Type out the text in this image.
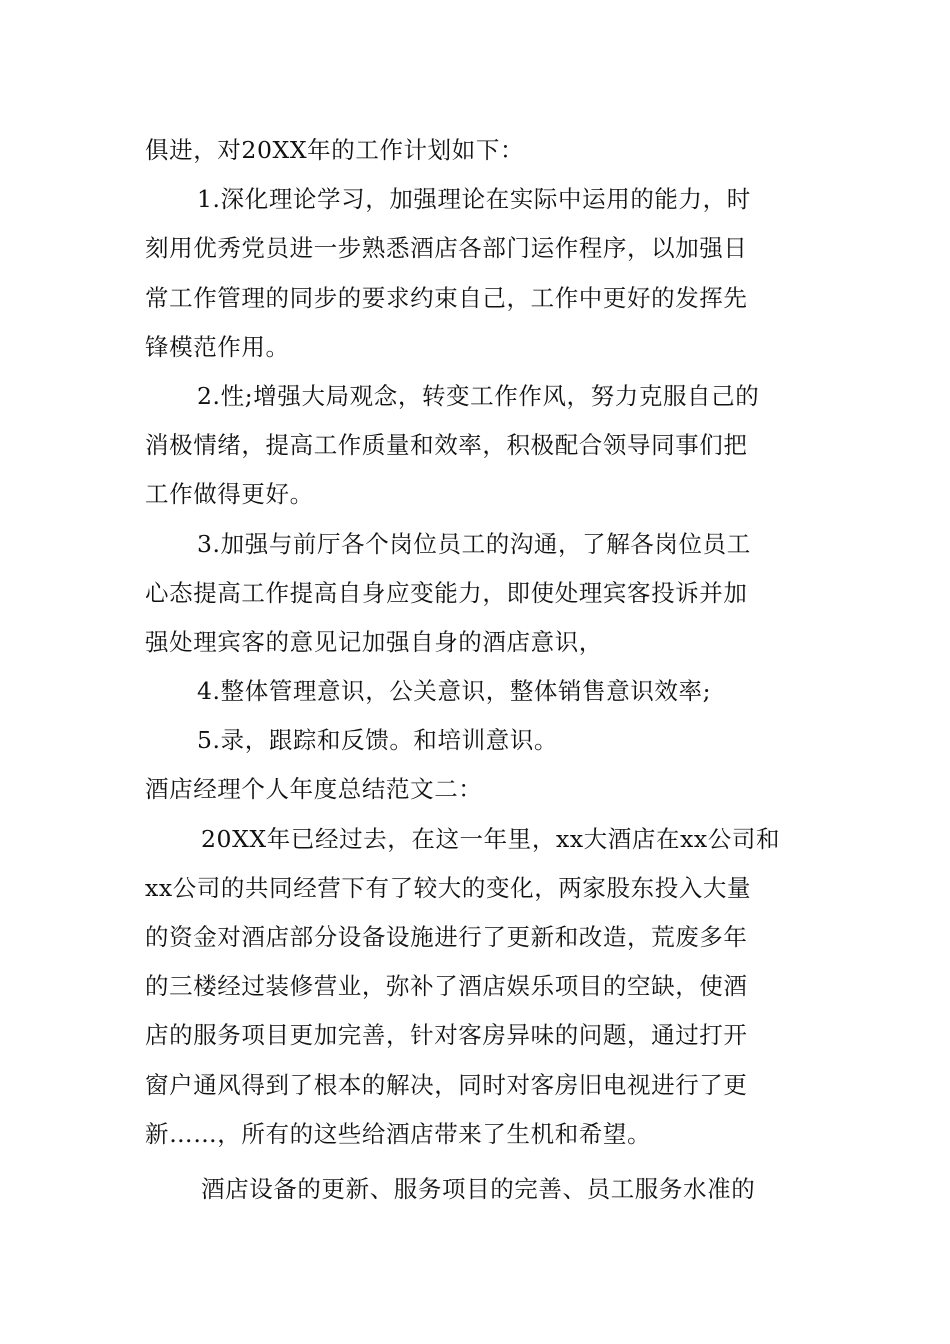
俱进，对20XX年的工作计划如下：
1.深化理论学习，加强理论在实际中运用的能力，时
刻用优秀党员进一步熟悉酒店各部门运作程序，以加强日
常工作管理的同步的要求约束自己，工作中更好的发挥先
锋模范作用。
2.性;增强大局观念，转变工作作风，努力克服自己的
消极情绪，提高工作质量和效率，积极配合领导同事们把
工作做得更好。
3.加强与前厅各个岗位员工的沟通，了解各岗位员工
心态提高工作提高自身应变能力，即使处理宾客投诉并加
强处理宾客的意见记加强自身的酒店意识，
4.整体管理意识，公关意识，整体销售意识效率;
5.录，跟踪和反馈。和培训意识。
酒店经理个人年度总结范文二：
20XX年已经过去，在这一年里，xx大酒店在xx公司和
xx公司的共同经营下有了较大的变化，两家股东投入大量
的资金对酒店部分设备设施进行了更新和改造，荒废多年
的三楼经过装修营业，弥补了酒店娱乐项目的空缺，使酒
店的服务项目更加完善，针对客房异味的问题，通过打开
窗户通风得到了根本的解决，同时对客房旧电视进行了更
新……，所有的这些给酒店带来了生机和希望。
酒店设备的更新、服务项目的完善、员工服务水准的
